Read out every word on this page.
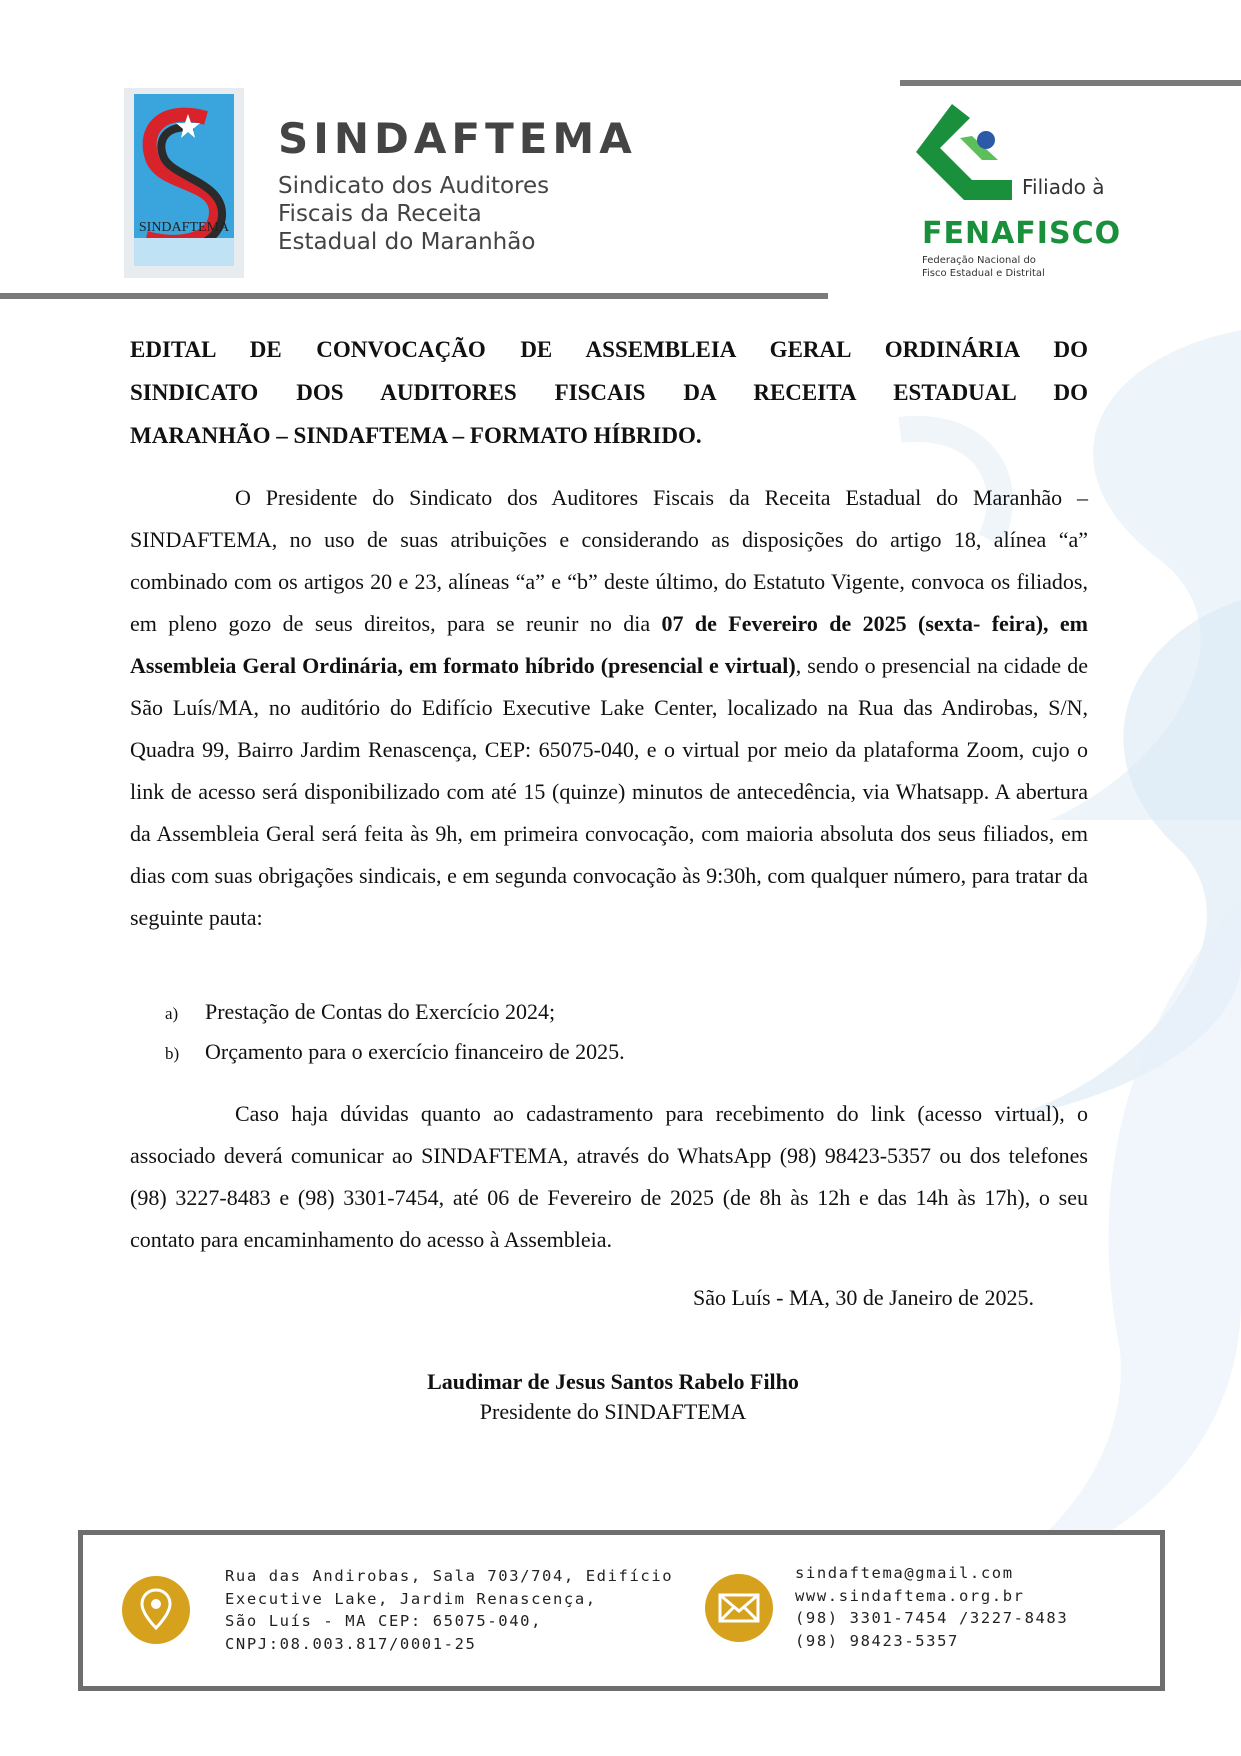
SINDAFTEMA
SINDAFTEMA
Sindicato dos Auditores
Fiscais da Receita
Estadual do Maranhão
Filiado à
FENAFISCO
Federação Nacional do
Fisco Estadual e Distrital
EDITAL DE CONVOCAÇÃO DE ASSEMBLEIA GERAL ORDINÁRIA DO
SINDICATO DOS AUDITORES FISCAIS DA RECEITA ESTADUAL DO
MARANHÃO – SINDAFTEMA – FORMATO HÍBRIDO.
O Presidente do Sindicato dos Auditores Fiscais da Receita Estadual do Maranhão – SINDAFTEMA, no uso de suas atribuições e considerando as disposições do artigo 18, alínea “a” combinado com os artigos 20 e 23, alíneas “a” e “b” deste último, do Estatuto Vigente, convoca os filiados, em pleno gozo de seus direitos, para se reunir no dia 07 de Fevereiro de 2025 (sexta- feira), em Assembleia Geral Ordinária, em formato híbrido (presencial e virtual), sendo o presencial na cidade de São Luís/MA, no auditório do Edifício Executive Lake Center, localizado na Rua das Andirobas, S/N, Quadra 99, Bairro Jardim Renascença, CEP: 65075-040, e o virtual por meio da plataforma Zoom, cujo o link de acesso será disponibilizado com até 15 (quinze) minutos de antecedência, via Whatsapp. A abertura da Assembleia Geral será feita às 9h, em primeira convocação, com maioria absoluta dos seus filiados, em dias com suas obrigações sindicais, e em segunda convocação às 9:30h, com qualquer número, para tratar da seguinte pauta:
a) Prestação de Contas do Exercício 2024;
b) Orçamento para o exercício financeiro de 2025.
Caso haja dúvidas quanto ao cadastramento para recebimento do link (acesso virtual), o associado deverá comunicar ao SINDAFTEMA, através do WhatsApp (98) 98423-5357 ou dos telefones (98) 3227-8483 e (98) 3301-7454, até 06 de Fevereiro de 2025 (de 8h às 12h e das 14h às 17h), o seu contato para encaminhamento do acesso à Assembleia.
São Luís - MA, 30 de Janeiro de 2025.
Laudimar de Jesus Santos Rabelo Filho
Presidente do SINDAFTEMA
Rua das Andirobas, Sala 703/704, Edifício
Executive Lake, Jardim Renascença,
São Luís - MA CEP: 65075-040,
CNPJ:08.003.817/0001-25
sindaftema@gmail.com
www.sindaftema.org.br
(98) 3301-7454 /3227-8483
(98) 98423-5357
